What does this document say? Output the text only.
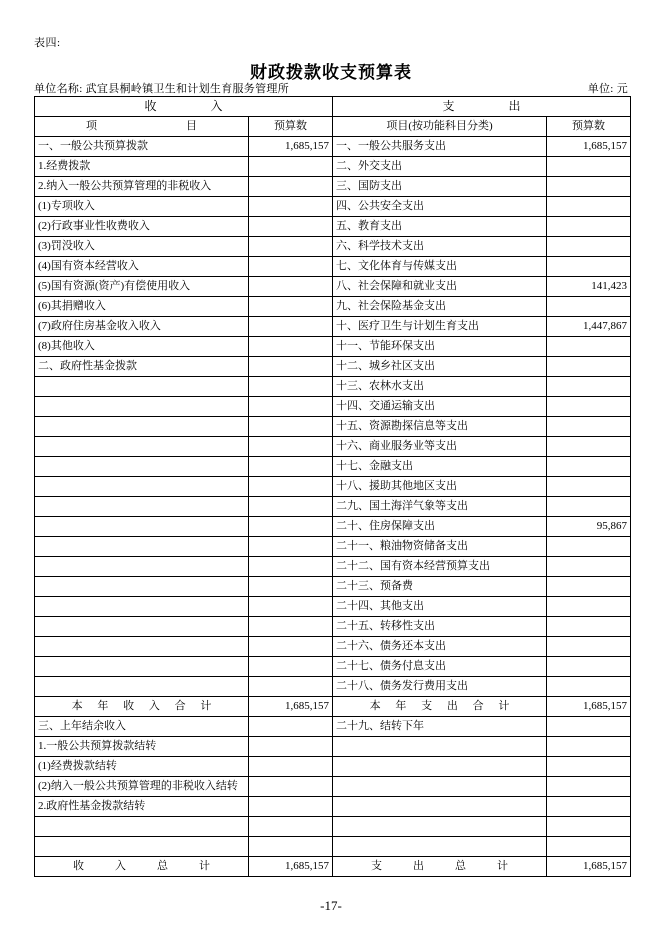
表四:
财政拨款收支预算表
单位名称: 武宜县桐岭镇卫生和计划生育服务管理所	单位: 元
收　　入		支　　出	
项　　　目	预算数	项目(按功能科目分类)	预算数
一、一般公共预算拨款	1,685,157	一、一般公共服务支出	1,685,157
1.经费拨款		二、外交支出	
2.纳入一般公共预算管理的非税收入		三、国防支出	
(1)专项收入		四、公共安全支出	
(2)行政事业性收费收入		五、教育支出	
(3)罚没收入		六、科学技术支出	
(4)国有资本经营收入		七、文化体育与传媒支出	
(5)国有资源(资产)有偿使用收入		八、社会保障和就业支出	141,423
(6)其捐赠收入		九、社会保险基金支出	
(7)政府住房基金收入收入		十、医疗卫生与计划生育支出	1,447,867
(8)其他收入		十一、节能环保支出	
二、政府性基金拨款		十二、城乡社区支出	
		十三、农林水支出	
		十四、交通运输支出	
		十五、资源勘探信息等支出	
		十六、商业服务业等支出	
		十七、金融支出	
		十八、援助其他地区支出	
		二九、国土海洋气象等支出	
		二十、住房保障支出	95,867
		二十一、粮油物资储备支出	
		二十二、国有资本经营预算支出	
		二十三、预备费	
		二十四、其他支出	
		二十五、转移性支出	
		二十六、债务还本支出	
		二十七、债务付息支出	
		二十八、债务发行费用支出	
本 年 收 入 合 计	1,685,157	本 年 支 出 合 计	1,685,157
三、上年结余收入		二十九、结转下年	
1.一般公共预算拨款结转			
(1)经费拨款结转			
(2)纳入一般公共预算管理的非税收入结转			
2.政府性基金拨款结转			

收　入　总　计	1,685,157	支　出　总　计	1,685,157
-17-
